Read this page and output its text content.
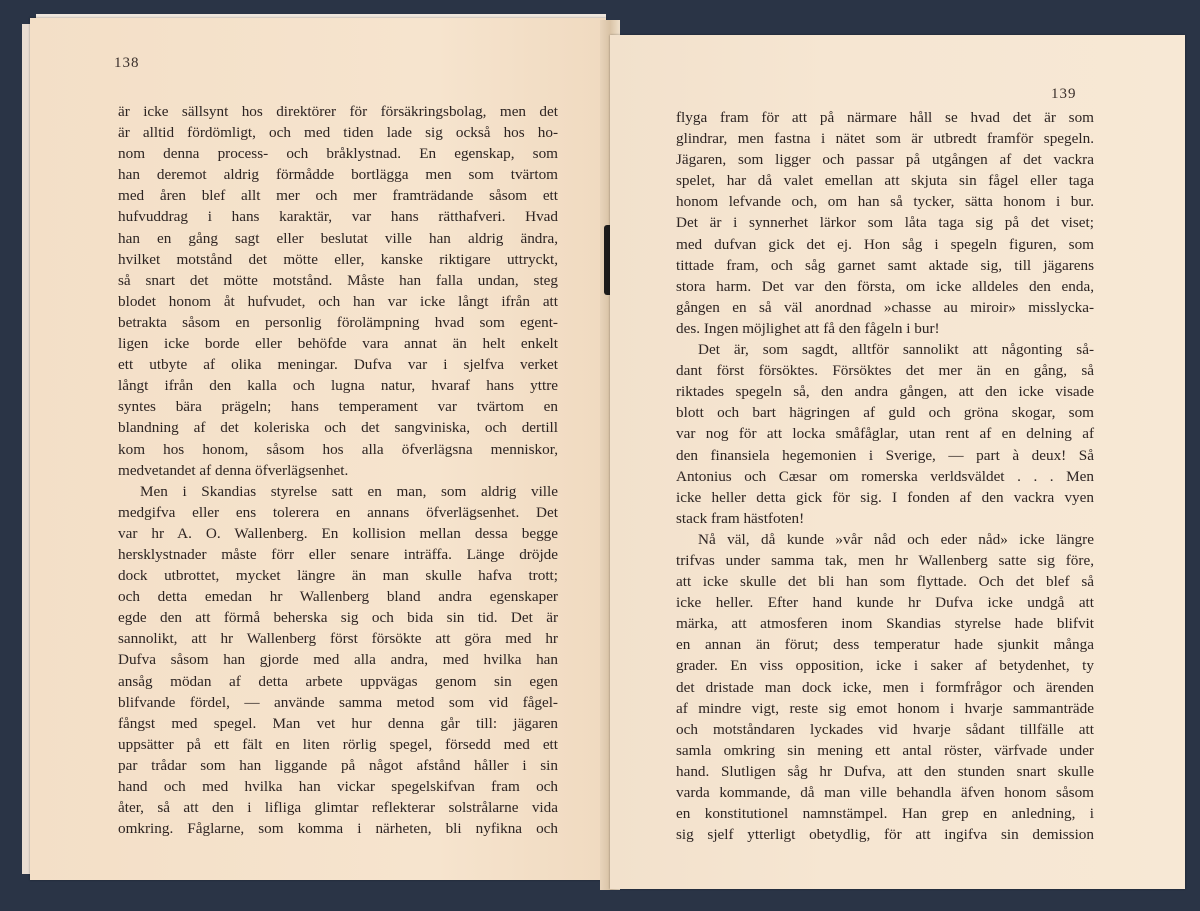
138
139
är icke sällsynt hos direktörer för försäkringsbolag, men det
är alltid fördömligt, och med tiden lade sig också hos ho-
nom denna process- och bråklystnad. En egenskap, som
han deremot aldrig förmådde bortlägga men som tvärtom
med åren blef allt mer och mer framträdande såsom ett
hufvuddrag i hans karaktär, var hans rätthafveri. Hvad
han en gång sagt eller beslutat ville han aldrig ändra,
hvilket motstånd det mötte eller, kanske riktigare uttryckt,
så snart det mötte motstånd. Måste han falla undan, steg
blodet honom åt hufvudet, och han var icke långt ifrån att
betrakta såsom en personlig förolämpning hvad som egent-
ligen icke borde eller behöfde vara annat än helt enkelt
ett utbyte af olika meningar. Dufva var i sjelfva verket
långt ifrån den kalla och lugna natur, hvaraf hans yttre
syntes bära prägeln; hans temperament var tvärtom en
blandning af det koleriska och det sangviniska, och dertill
kom hos honom, såsom hos alla öfverlägsna menniskor,
medvetandet af denna öfverlägsenhet.
Men i Skandias styrelse satt en man, som aldrig ville
medgifva eller ens tolerera en annans öfverlägsenhet. Det
var hr A. O. Wallenberg. En kollision mellan dessa begge
hersklystnader måste förr eller senare inträffa. Länge dröjde
dock utbrottet, mycket längre än man skulle hafva trott;
och detta emedan hr Wallenberg bland andra egenskaper
egde den att förmå beherska sig och bida sin tid. Det är
sannolikt, att hr Wallenberg först försökte att göra med hr
Dufva såsom han gjorde med alla andra, med hvilka han
ansåg mödan af detta arbete uppvägas genom sin egen
blifvande fördel, — använde samma metod som vid fågel-
fångst med spegel. Man vet hur denna går till: jägaren
uppsätter på ett fält en liten rörlig spegel, försedd med ett
par trådar som han liggande på något afstånd håller i sin
hand och med hvilka han vickar spegelskifvan fram och
åter, så att den i lifliga glimtar reflekterar solstrålarne vida
omkring. Fåglarne, som komma i närheten, bli nyfikna och
flyga fram för att på närmare håll se hvad det är som
glindrar, men fastna i nätet som är utbredt framför spegeln.
Jägaren, som ligger och passar på utgången af det vackra
spelet, har då valet emellan att skjuta sin fågel eller taga
honom lefvande och, om han så tycker, sätta honom i bur.
Det är i synnerhet lärkor som låta taga sig på det viset;
med dufvan gick det ej. Hon såg i spegeln figuren, som
tittade fram, och såg garnet samt aktade sig, till jägarens
stora harm. Det var den första, om icke alldeles den enda,
gången en så väl anordnad »chasse au miroir» misslycka-
des. Ingen möjlighet att få den fågeln i bur!
Det är, som sagdt, alltför sannolikt att någonting så-
dant först försöktes. Försöktes det mer än en gång, så
riktades spegeln så, den andra gången, att den icke visade
blott och bart hägringen af guld och gröna skogar, som
var nog för att locka småfåglar, utan rent af en delning af
den finansiela hegemonien i Sverige, — part à deux! Så
Antonius och Cæsar om romerska verldsväldet . . . Men
icke heller detta gick för sig. I fonden af den vackra vyen
stack fram hästfoten!
Nå väl, då kunde »vår nåd och eder nåd» icke längre
trifvas under samma tak, men hr Wallenberg satte sig före,
att icke skulle det bli han som flyttade. Och det blef så
icke heller. Efter hand kunde hr Dufva icke undgå att
märka, att atmosferen inom Skandias styrelse hade blifvit
en annan än förut; dess temperatur hade sjunkit många
grader. En viss opposition, icke i saker af betydenhet, ty
det dristade man dock icke, men i formfrågor och ärenden
af mindre vigt, reste sig emot honom i hvarje sammanträde
och motståndaren lyckades vid hvarje sådant tillfälle att
samla omkring sin mening ett antal röster, värfvade under
hand. Slutligen såg hr Dufva, att den stunden snart skulle
varda kommande, då man ville behandla äfven honom såsom
en konstitutionel namnstämpel. Han grep en anledning, i
sig sjelf ytterligt obetydlig, för att ingifva sin demission
